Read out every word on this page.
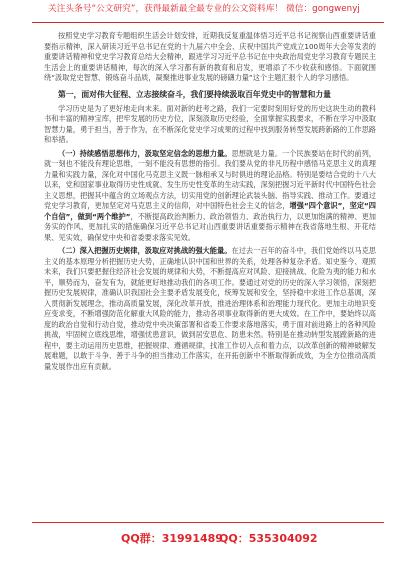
关注头条号“公文研究”，获得最新最全最专业的公文资料库！ 微信：gongwenyj

按照党史学习教育专题组织生活会计划安排，近期我反复重温体悟习近平总书记视察山西重要讲话重要指示精神，深入研读习近平总书记在党的十九届六中全会、庆祝中国共产党成立100周年大会等发表的重要讲话精神和党史学习教育总结大会精神，跟进学习习近平总书记在中央政治局党史学习教育专题民主生活会上的重要讲话精神，每次的深入学习都有新的教育和启发，更增添了不少收获和感悟。下面就围绕“汲取党史智慧、锻炼奋斗品质，凝聚推进事业发展的磅礴力量”这个主题汇报个人的学习感悟。

第一，面对伟大征程、立志接续奋斗，我们要持续汲取百年党史中的智慧和力量

学习历史是为了更好地走向未来。面对新的赶考之路，我们一定要时刻用好党的历史这块生动的教科书和丰富的精神宝库，把牢发展的历史方位，深刻汲取历史经验，全面掌握实践要求，不断在学习中汲取智慧力量，勇于担当，善于作为，在不断深化党史学习成果的过程中找到服务转型发展跨新路的工作思路和举措。

（一）持续感悟思想伟力，汲取坚定信念的思想力量。思想就是力量。一个民族要站在时代的前列，就一刻也不能没有理论思维，一刻不能没有思想的指引。我们要从党的非凡历程中感悟马克思主义的真理力量和实践力量，深化对中国化马克思主义既一脉相承又与时俱进的理论品格。特别是要结合党的十八大以来，党和国家事业取得历史性成就、发生历史性变革的生动实践，深刻把握习近平新时代中国特色社会主义思想，把握其中蕴含的立场观点方法，切实用党的创新理论武装头脑、指导实践、推动工作。要通过党史学习教育，更加坚定对马克思主义的信仰，对中国特色社会主义的信念，增强“四个意识”，坚定“四个自信”，做到“两个维护”，不断提高政治判断力、政治领悟力、政治执行力，以更加饱满的精神、更加务实的作风、更加扎实的措施确保习近平总书记对山西重要讲话重要指示精神在我省落地生根、开花结果、见实效，确保党中央和省委要求落实见效。

（二）深入把握历史规律，汲取应对挑战的强大能量。在过去一百年的奋斗中，我们党始终以马克思主义的基本原理分析把握历史大势，正确地认识中国和世界的关系，处理各种复杂矛盾。知史鉴今、观照未来，我们只要把握住经济社会发展的规律和大势，不断提高应对风险、迎接挑战、化险为夷的能力和水平，顺势而为，奋发有为，就能更好地推动我们的各项工作。要通过对党的历史的深入学习领悟，深刻把握历史发展规律，准确认识我国社会主要矛盾发展变化，统筹发展和安全，坚持稳中求进工作总基调，深入贯彻新发展理念，推动高质量发展，深化改革开放，推进治理体系和治理能力现代化。更加主动地识变应变求变，不断增强防范化解重大风险的能力，推动各项事业取得新的更大成效。在工作中，要始终以高度的政治自觉和行动自觉，推动党中央决策部署和省委工作要求落地落实，勇于面对前进路上的各种风险挑战，牢固树立底线思维，增强忧患意识，做到居安思危、防患未然。特别是在推动转型发展蹚新路的进程中，要主动运用历史思维，把握规律、遵循规律，找准工作切入点和着力点，以改革创新的精神破解发展难题，以敢于斗争、善于斗争的担当推动工作落实，在开拓创新中不断取得新成效，为全方位推动高质量发展作出应有贡献。

QQ群：31991489
QQ：535304092
